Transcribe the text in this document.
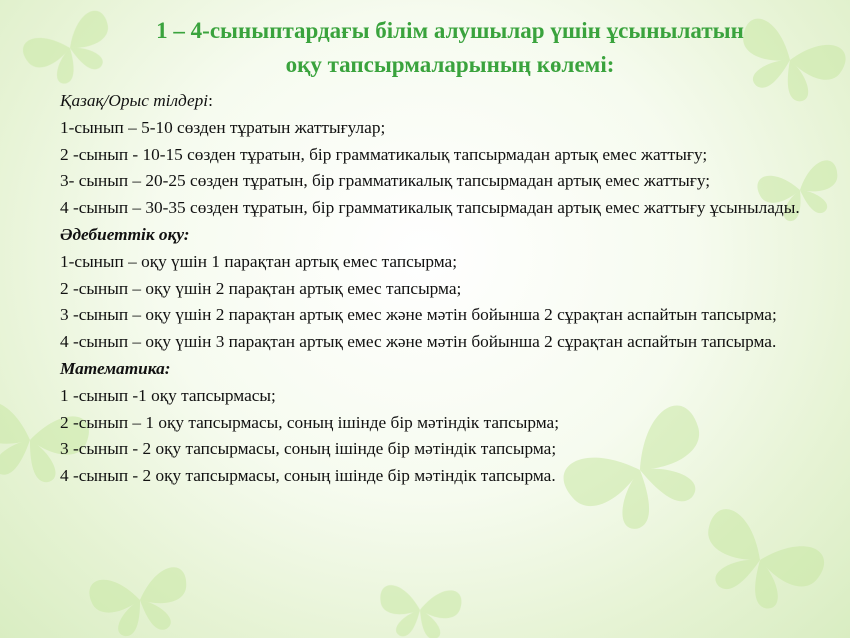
1 – 4-сыныптардағы білім алушылар үшін ұсынылатын
оқу тапсырмаларының көлемі:

Қазақ/Орыс тілдері:

1-сынып – 5-10 сөзден тұратын жаттығулар;

2 -сынып - 10-15 сөзден тұратын, бір грамматикалық тапсырмадан артық емес жаттығу;

3- сынып – 20-25 сөзден тұратын, бір грамматикалық тапсырмадан артық емес жаттығу;

4 -сынып – 30-35 сөзден тұратын, бір грамматикалық тапсырмадан артық емес жаттығу ұсынылады.

Әдебиеттік оқу:

1-сынып – оқу үшін 1 парақтан артық емес тапсырма;

2 -сынып – оқу үшін 2 парақтан артық емес тапсырма;

3 -сынып – оқу үшін 2 парақтан артық емес және мәтін бойынша 2 сұрақтан аспайтын тапсырма;

4 -сынып – оқу үшін 3 парақтан артық емес және мәтін бойынша 2 сұрақтан аспайтын тапсырма.

Математика:

1 -сынып -1 оқу тапсырмасы;

2 -сынып – 1 оқу тапсырмасы, соның ішінде бір мәтіндік тапсырма;

3 -сынып - 2 оқу тапсырмасы, соның ішінде бір мәтіндік тапсырма;

4 -сынып - 2 оқу тапсырмасы, соның ішінде бір мәтіндік тапсырма.
